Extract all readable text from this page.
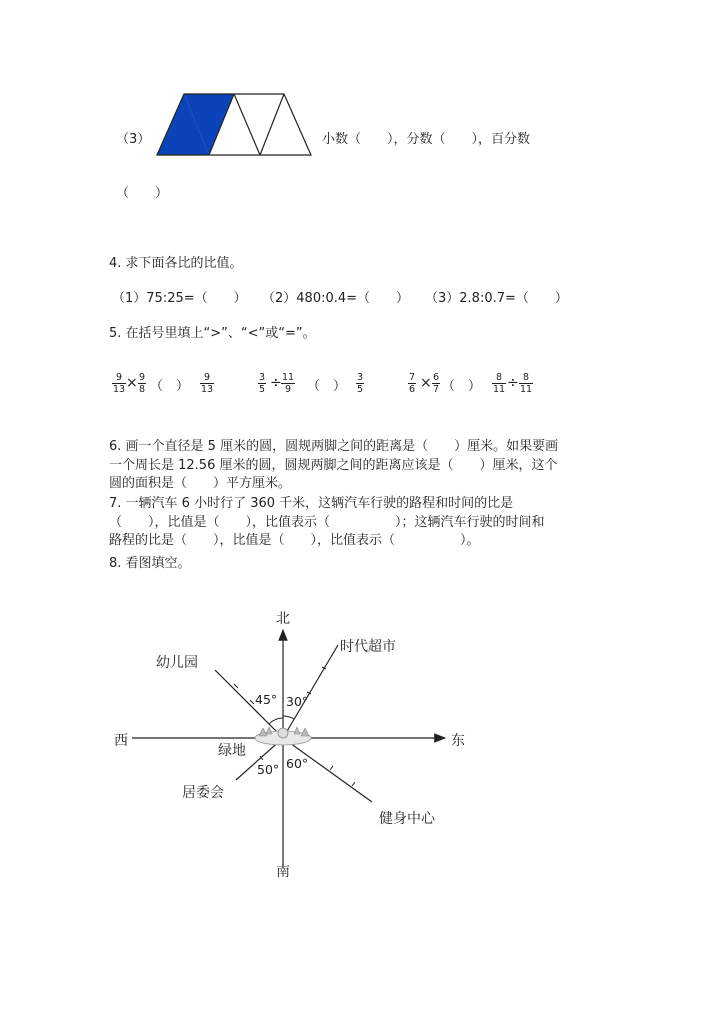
（3）	小数（　　），分数（　　），百分数
（　　）
4. 求下面各比的比值。
（1）75:25=（　　） （2）480:0.4=（　　） （3）2.8:0.7=（　　）
5. 在括号里填上“>”、“<”或“=”。
$\frac{9}{13} \times \frac{9}{8}$ （　） $\frac{9}{13}$	$\frac{3}{5} \div \frac{11}{9}$ （　） $\frac{3}{5}$	$\frac{7}{6} \times \frac{6}{7}$ （　） $\frac{8}{11} \div \frac{8}{11}$
6. 画一个直径是 5 厘米的圆，圆规两脚之间的距离是（　　）厘米。如果要画
一个周长是 12.56 厘米的圆，圆规两脚之间的距离应该是（　　）厘米，这个
圆的面积是（　　）平方厘米。
7. 一辆汽车 6 小时行了 360 千米，这辆汽车行驶的路程和时间的比是
（　　），比值是（　　），比值表示（　　　　　）；这辆汽车行驶的时间和
路程的比是（　　），比值是（　　），比值表示（　　　　　）。
8. 看图填空。
北
南
东
西
绿地
幼儿园
时代超市
居委会
健身中心
45° 30°
50° 60°
